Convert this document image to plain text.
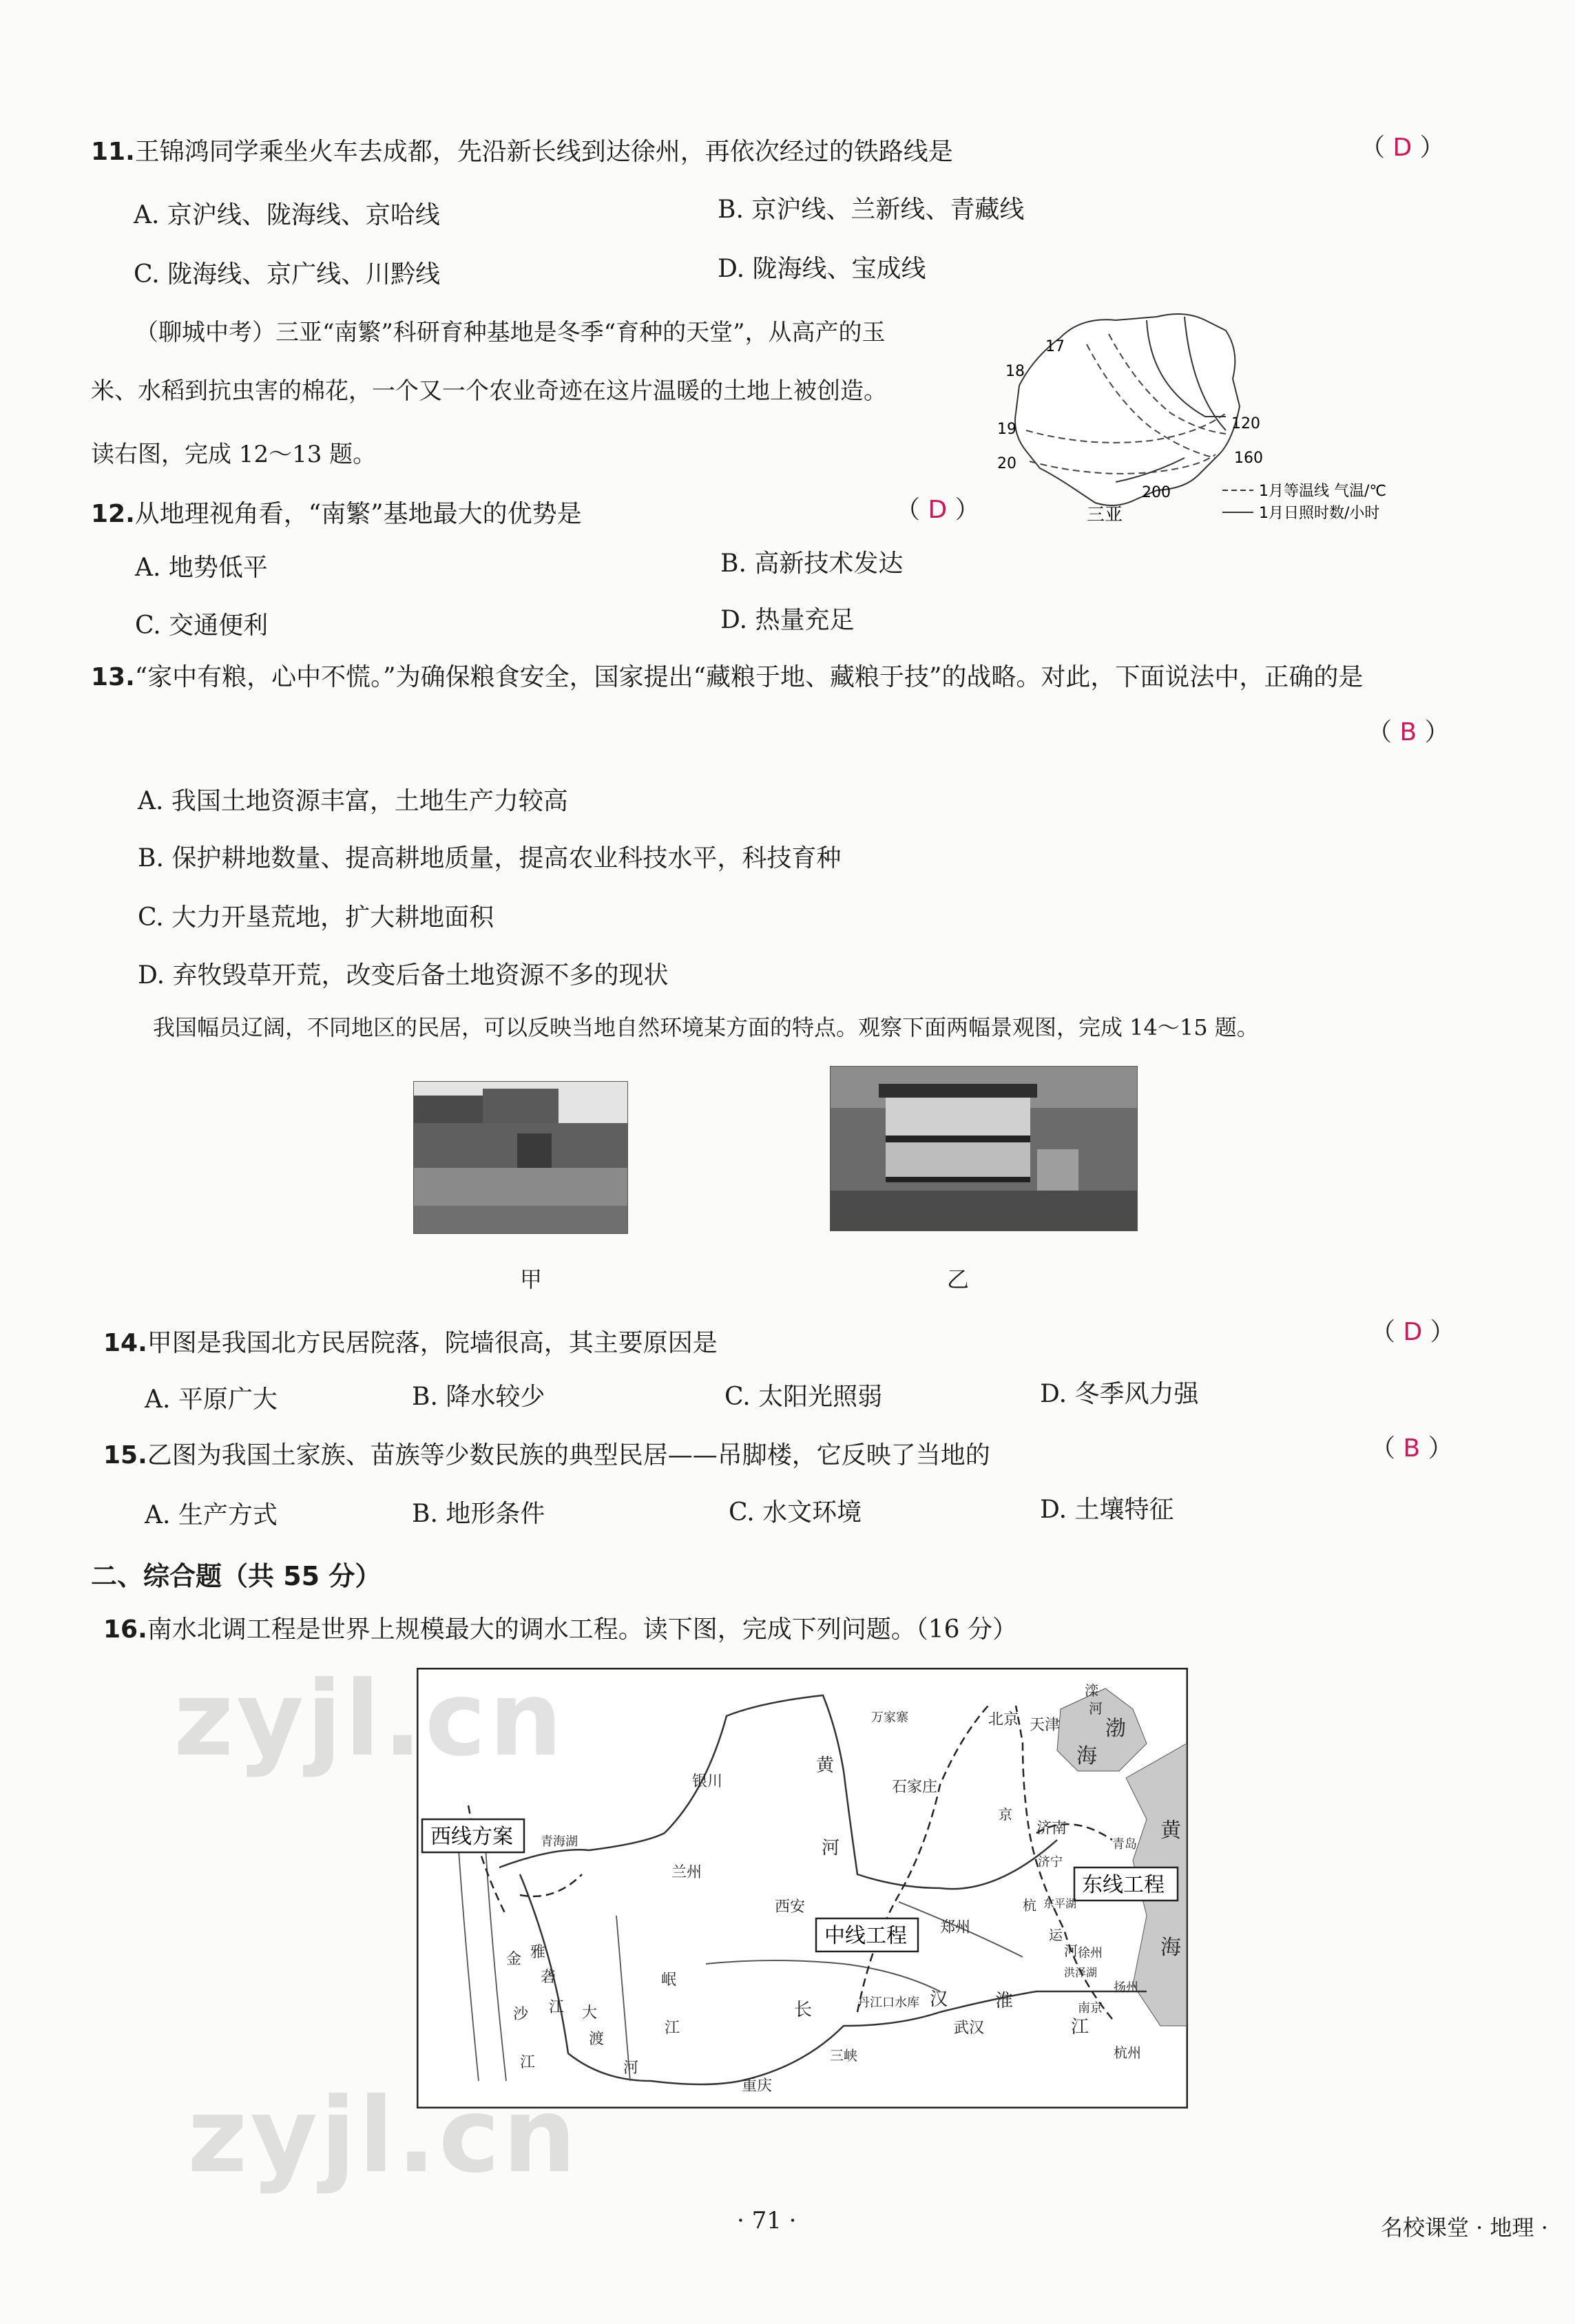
11.王锦鸿同学乘坐火车去成都，先沿新长线到达徐州，再依次经过的铁路线是	（ D ）
A. 京沪线、陇海线、京哈线	B. 京沪线、兰新线、青藏线
C. 陇海线、京广线、川黔线	D. 陇海线、宝成线
（聊城中考）三亚“南繁”科研育种基地是冬季“育种的天堂”，从高产的玉
米、水稻到抗虫害的棉花，一个又一个农业奇迹在这片温暖的土地上被创造。
读右图，完成 12～13 题。
17
18
19
20
120
160
200
三亚
1月等温线 气温/℃
1月日照时数/小时
12.从地理视角看，“南繁”基地最大的优势是	（ D ）
A. 地势低平	B. 高新技术发达
C. 交通便利	D. 热量充足
13.“家中有粮，心中不慌。”为确保粮食安全，国家提出“藏粮于地、藏粮于技”的战略。对此，下面说法中，正确的是
（ B ）
A. 我国土地资源丰富，土地生产力较高
B. 保护耕地数量、提高耕地质量，提高农业科技水平，科技育种
C. 大力开垦荒地，扩大耕地面积
D. 弃牧毁草开荒，改变后备土地资源不多的现状
我国幅员辽阔，不同地区的民居，可以反映当地自然环境某方面的特点。观察下面两幅景观图，完成 14～15 题。
甲	乙
14.甲图是我国北方民居院落，院墙很高，其主要原因是	（ D ）
A. 平原广大	B. 降水较少	C. 太阳光照弱	D. 冬季风力强
15.乙图为我国土家族、苗族等少数民族的典型民居——吊脚楼，它反映了当地的	（ B ）
A. 生产方式	B. 地形条件	C. 水文环境	D. 土壤特征
二、综合题（共 55 分）
16.南水北调工程是世界上规模最大的调水工程。读下图，完成下列问题。（16 分）
西线方案
中线工程
东线工程
北京 天津
万家寨
银川	石家庄
济南
青岛
济宁
兰州
西安
郑州
徐州
南京
扬州
杭州
武汉
重庆
青海湖
丹江口水库
东平湖
洪泽湖
三峡
滦
河
黄
河
渤
海
黄
海
长
江
汉	淮
金
沙
江
雅
砻
江 大
渡
河
岷
江
京
杭
运
河
zyjl.cn
zyjl.cn
· 71 ·	名校课堂 · 地理 ·
